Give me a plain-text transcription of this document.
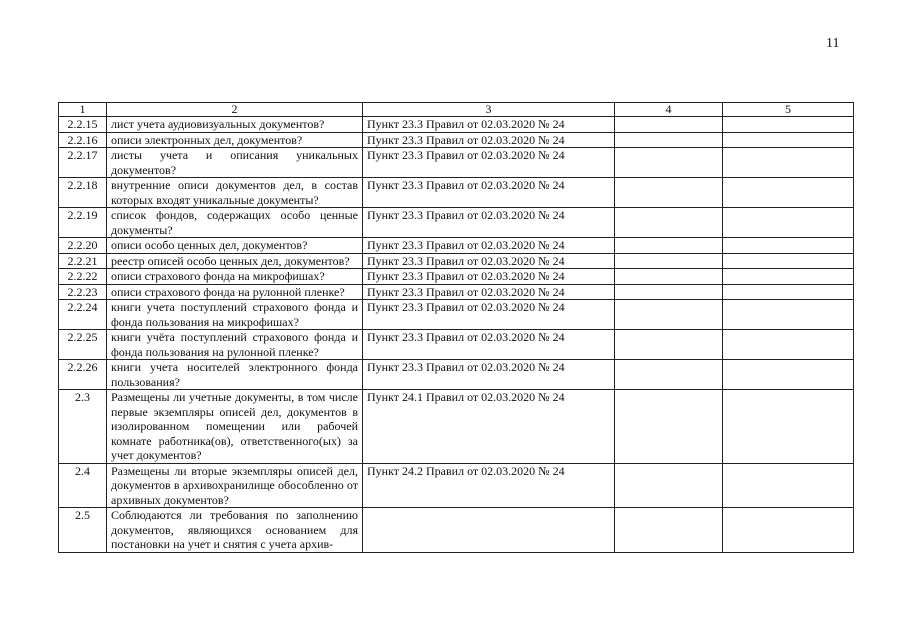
11
1	2	3	4	5
2.2.15	лист учета аудиовизуальных документов?	Пункт 23.3 Правил от 02.03.2020 № 24		
2.2.16	описи электронных дел, документов?	Пункт 23.3 Правил от 02.03.2020 № 24		
2.2.17	листы учета и описания уникальных документов?	Пункт 23.3 Правил от 02.03.2020 № 24		
2.2.18	внутренние описи документов дел, в состав которых входят уникальные документы?	Пункт 23.3 Правил от 02.03.2020 № 24		
2.2.19	список фондов, содержащих особо ценные документы?	Пункт 23.3 Правил от 02.03.2020 № 24		
2.2.20	описи особо ценных дел, документов?	Пункт 23.3 Правил от 02.03.2020 № 24		
2.2.21	реестр описей особо ценных дел, документов?	Пункт 23.3 Правил от 02.03.2020 № 24		
2.2.22	описи страхового фонда на микрофишах?	Пункт 23.3 Правил от 02.03.2020 № 24		
2.2.23	описи страхового фонда на рулонной пленке?	Пункт 23.3 Правил от 02.03.2020 № 24		
2.2.24	книги учета поступлений страхового фонда и фонда пользования на микрофишах?	Пункт 23.3 Правил от 02.03.2020 № 24		
2.2.25	книги учёта поступлений страхового фонда и фонда пользования на рулонной пленке?	Пункт 23.3 Правил от 02.03.2020 № 24		
2.2.26	книги учета носителей электронного фонда пользования?	Пункт 23.3 Правил от 02.03.2020 № 24		
2.3	Размещены ли учетные документы, в том числе первые экземпляры описей дел, документов в изолированном помещении или рабочей комнате работника(ов), ответственного(ых) за учет документов?	Пункт 24.1 Правил от 02.03.2020 № 24		
2.4	Размещены ли вторые экземпляры описей дел, документов в архивохранилище обособленно от архивных документов?	Пункт 24.2 Правил от 02.03.2020 № 24		
2.5	Соблюдаются ли требования по заполнению документов, являющихся основанием для постановки на учет и снятия с учета архив-			
